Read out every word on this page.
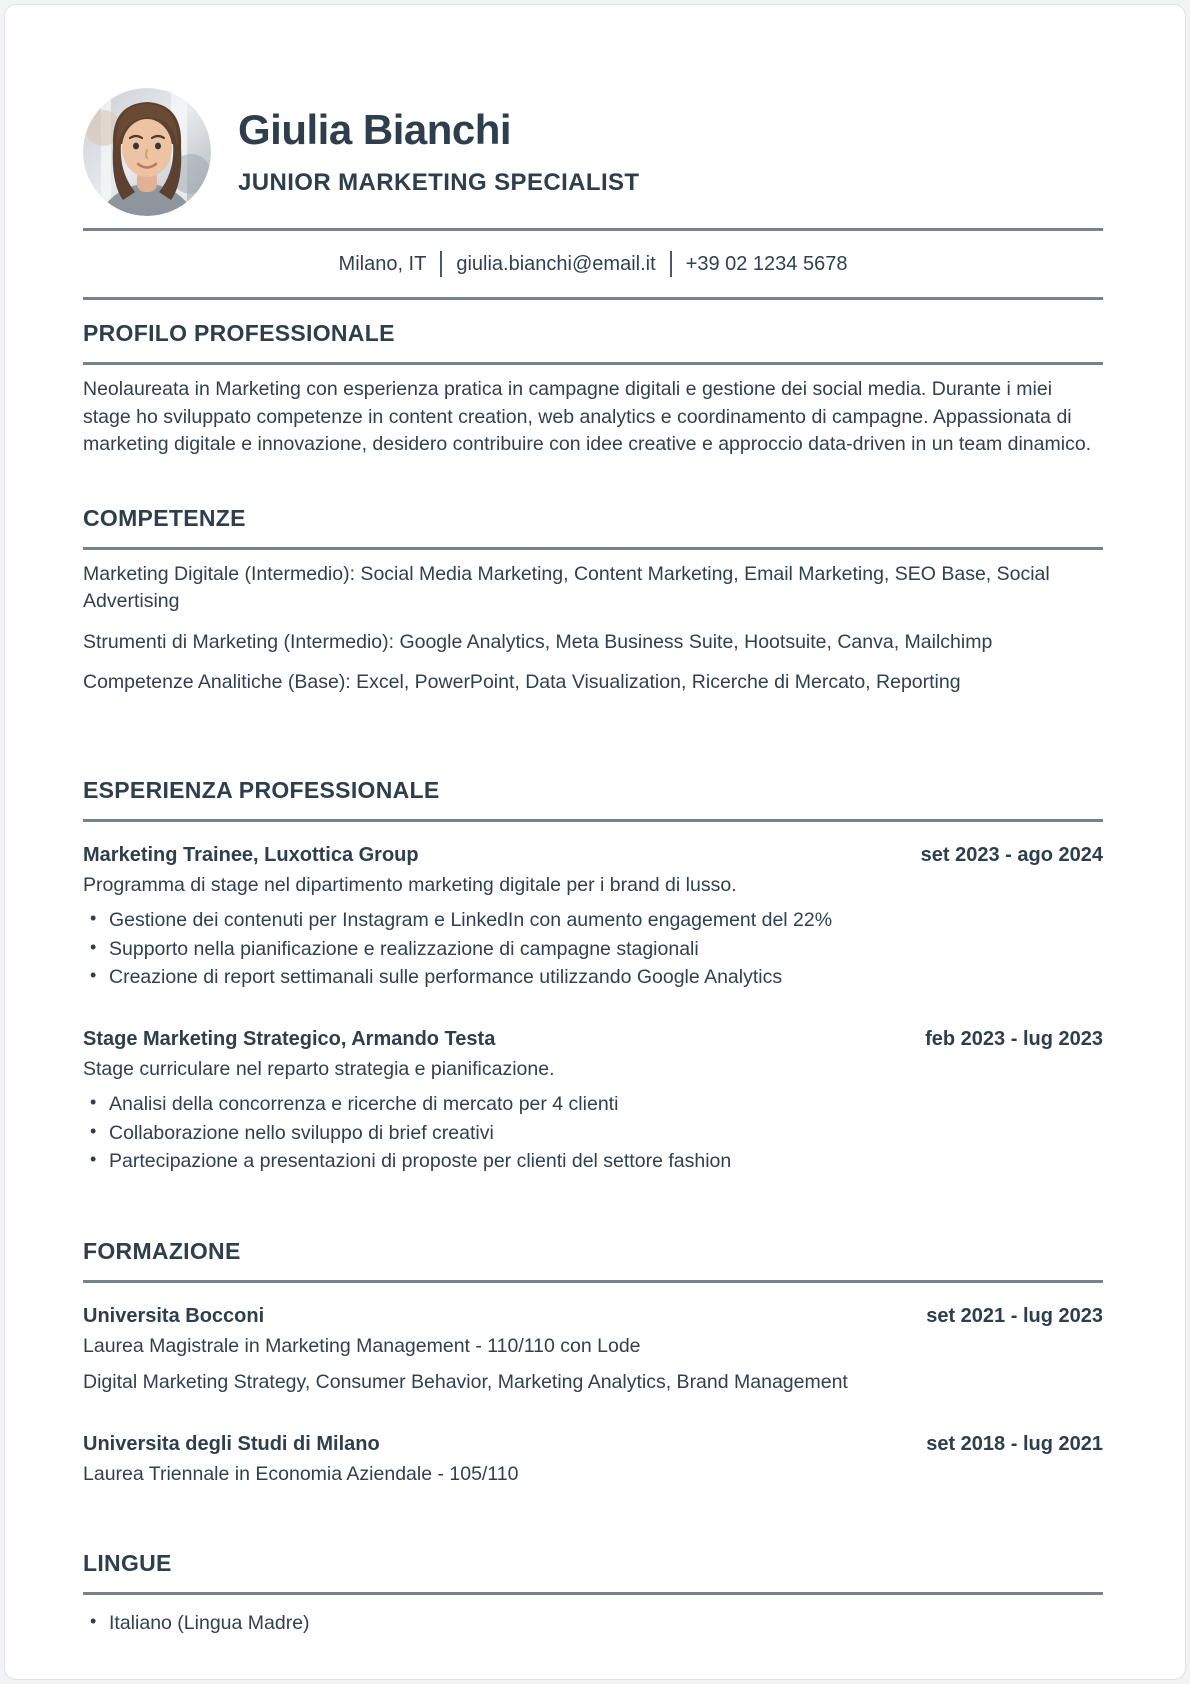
Giulia Bianchi
JUNIOR MARKETING SPECIALIST
Milano, IT giulia.bianchi@email.it +39 02 1234 5678
PROFILO PROFESSIONALE

Neolaureata in Marketing con esperienza pratica in campagne digitali e gestione dei social media. Durante i miei stage ho sviluppato competenze in content creation, web analytics e coordinamento di campagne. Appassionata di marketing digitale e innovazione, desidero contribuire con idee creative e approccio data-driven in un team dinamico.

COMPETENZE

Marketing Digitale (Intermedio): Social Media Marketing, Content Marketing, Email Marketing, SEO Base, Social Advertising

Strumenti di Marketing (Intermedio): Google Analytics, Meta Business Suite, Hootsuite, Canva, Mailchimp

Competenze Analitiche (Base): Excel, PowerPoint, Data Visualization, Ricerche di Mercato, Reporting

ESPERIENZA PROFESSIONALE
Marketing Trainee, Luxottica Group	set 2023 - ago 2024

Programma di stage nel dipartimento marketing digitale per i brand di lusso.

• Gestione dei contenuti per Instagram e LinkedIn con aumento engagement del 22%
• Supporto nella pianificazione e realizzazione di campagne stagionali
• Creazione di report settimanali sulle performance utilizzando Google Analytics
Stage Marketing Strategico, Armando Testa	feb 2023 - lug 2023

Stage curriculare nel reparto strategia e pianificazione.

• Analisi della concorrenza e ricerche di mercato per 4 clienti
• Collaborazione nello sviluppo di brief creativi
• Partecipazione a presentazioni di proposte per clienti del settore fashion
FORMAZIONE
Universita Bocconi	set 2021 - lug 2023

Laurea Magistrale in Marketing Management - 110/110 con Lode

Digital Marketing Strategy, Consumer Behavior, Marketing Analytics, Brand Management

Universita degli Studi di Milano	set 2018 - lug 2021

Laurea Triennale in Economia Aziendale - 105/110

LINGUE
• Italiano (Lingua Madre)
